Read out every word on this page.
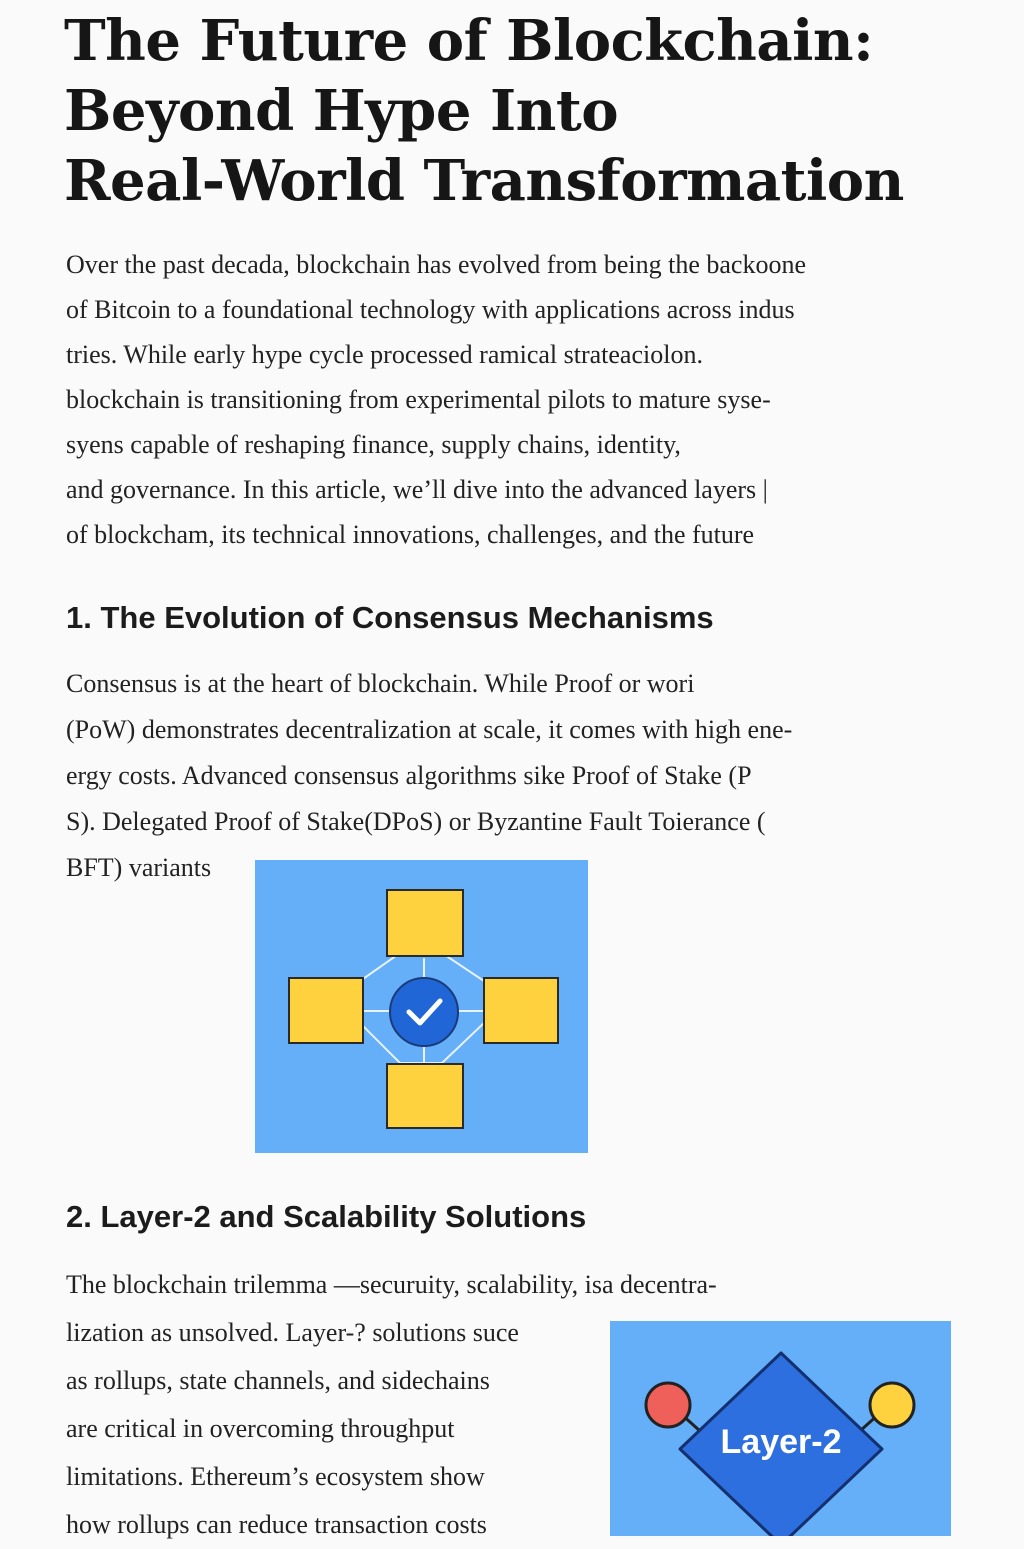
The Future of Blockchain:
Beyond Hype Into
Real-World Transformation

Over the past decada, blockchain has evolved from being the backoone
of Bitcoin to a foundational technology with applications across indus
tries. While early hype cycle processed ramical strateaciolon.
blockchain is transitioning from experimental pilots to mature syse-
syens capable of reshaping finance, supply chains, identity,
and governance. In this article, we’ll dive into the advanced layers |
of blockcham, its technical innovations, challenges, and the future

1. The Evolution of Consensus Mechanisms

Consensus is at the heart of blockchain. While Proof or wori
(PoW) demonstrates decentralization at scale, it comes with high ene-
ergy costs. Advanced consensus algorithms sike Proof of Stake (P
S). Delegated Proof of Stake(DPoS) or Byzantine Fault Toierance (
BFT) variants

2. Layer-2 and Scalability Solutions

The blockchain trilemma —securuity, scalability, isa decentra-
lization as unsolved. Layer-? solutions suce
as rollups, state channels, and sidechains
are critical in overcoming throughput
limitations. Ethereum’s ecosystem show
how rollups can reduce transaction costs

Layer-2
